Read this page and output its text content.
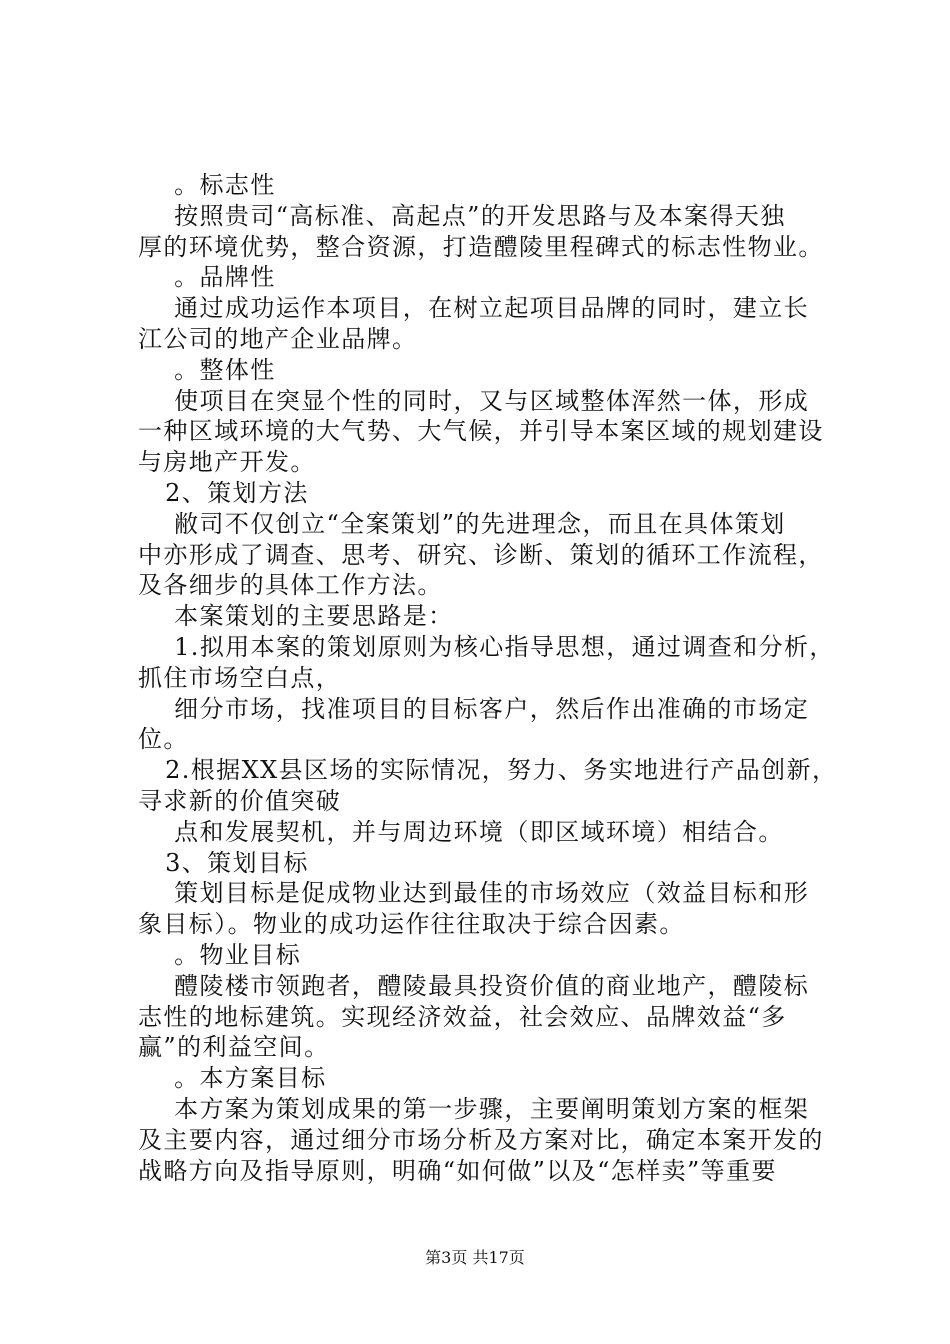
。标志性
按照贵司“高标准、高起点”的开发思路与及本案得天独
厚的环境优势，整合资源，打造醴陵里程碑式的标志性物业。
。品牌性
通过成功运作本项目，在树立起项目品牌的同时，建立长
江公司的地产企业品牌。
。整体性
使项目在突显个性的同时，又与区域整体浑然一体，形成
一种区域环境的大气势、大气候，并引导本案区域的规划建设
与房地产开发。
2、策划方法
敝司不仅创立“全案策划”的先进理念，而且在具体策划
中亦形成了调查、思考、研究、诊断、策划的循环工作流程，
及各细步的具体工作方法。
本案策划的主要思路是：
1.拟用本案的策划原则为核心指导思想，通过调查和分析，
抓住市场空白点，
细分市场，找准项目的目标客户，然后作出准确的市场定
位。
2.根据XX县区场的实际情况，努力、务实地进行产品创新，
寻求新的价值突破
点和发展契机，并与周边环境（即区域环境）相结合。
3、策划目标
策划目标是促成物业达到最佳的市场效应（效益目标和形
象目标）。物业的成功运作往往取决于综合因素。
。物业目标
醴陵楼市领跑者，醴陵最具投资价值的商业地产，醴陵标
志性的地标建筑。实现经济效益，社会效应、品牌效益“多
赢”的利益空间。
。本方案目标
本方案为策划成果的第一步骤，主要阐明策划方案的框架
及主要内容，通过细分市场分析及方案对比，确定本案开发的
战略方向及指导原则，明确“如何做”以及“怎样卖”等重要
第3页 共17页
